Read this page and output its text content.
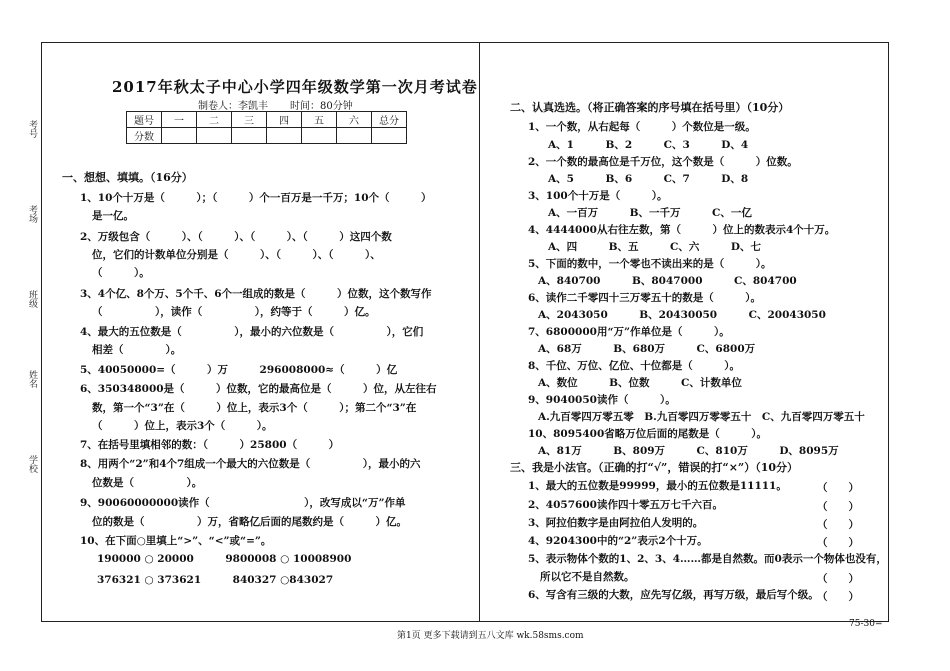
考号
考场
班级
姓名
学校
2017年秋太子中心小学四年级数学第一次月考试卷
制卷人：李凯丰 时间：80分钟
题号	一	二	三	四	五	六	总分
分数							
一、想想、填填。（16分）
1、10个十万是（　　　）；（　　　）个一百万是一千万；10个（　　　）
是一亿。
2、万级包含（　　　）、（　　　）、（　　　）、（　　　）这四个数
位，它们的计数单位分别是（　　　）、（　　　）、（　　　）、
（　　　）。
3、4个亿、8个万、5个千、6个一组成的数是（　　　）位数，这个数写作
（　　　　　），读作（　　　　　），约等于（　　　）亿。
4、最大的五位数是（　　　　　），最小的六位数是（　　　　　），它们
相差（　　　　）。
5、40050000=（　　　）万　　　296008000≈（　　　）亿
6、350348000是（　　　）位数，它的最高位是（　　　）位，从左往右
数，第一个“3”在（　　　）位上，表示3个（　　　）；第二个“3”在
（　　　）位上，表示3个（　　　）。
7、在括号里填相邻的数：（　　　）25800（　　　）
8、用两个“2”和4个7组成一个最大的六位数是（　　　　　），最小的六
位数是（　　　　　）。
9、90060000000读作（　　　　　　　　　），改写成以“万”作单
位的数是（　　　　　）万，省略亿后面的尾数约是（　　　）亿。
10、在下面○里填上“>”、“<”或“=”。
190000 ○ 20000　　　9800008 ○ 10008900
376321 ○ 373621　　　840327 ○843027
二、认真选选。（将正确答案的序号填在括号里）（10分）
1、一个数，从右起每（　　　）个数位是一级。
A、1　　　B、2　　　C、3　　　D、4
2、一个数的最高位是千万位，这个数是（　　　）位数。
A、5　　　B、6　　　C、7　　　D、8
3、100个十万是（　　　）。
A、一百万　　　B、一千万　　　C、一亿
4、4444000从右往左数，第（　　　）位上的数表示4个十万。
A、四　　　B、五　　　C、六　　　D、七
5、下面的数中，一个零也不读出来的是（　　　）。
A、840700　　　B、8047000　　　C、804700
6、读作二千零四十三万零五十的数是（　　　）。
A、2043050　　　B、20430050　　　C、20043050
7、6800000用“万”作单位是（　　　）。
A、68万　　　B、680万　　　C、6800万
8、千位、万位、亿位、十位都是（　　　）。
A、数位　　　B、位数　　　C、计数单位
9、9040050读作（　　　）。
A.九百零四万零五零　B.九百零四万零零五十　C、九百零四万零五十
10、8095400省略万位后面的尾数是（　　　）。
A、81万　　　B、809万　　　C、810万　　　D、8095万
三、我是小法官。（正确的打“√”，错误的打“×”）（10分）
1、最大的五位数是99999，最小的五位数是11111。
2、4057600读作四十零五万七千六百。
3、阿拉伯数字是由阿拉伯人发明的。
4、9204300中的“2”表示2个十万。
5、表示物体个数的1、2、3、4……都是自然数。而0表示一个物体也没有，
所以它不是自然数。
6、写含有三级的大数，应先写亿级，再写万级，最后写个级。
（　　）
（　　）
（　　）
（　　）
（　　）
（　　）
75-30=
第1页 更多下载请到五八文库 wk.58sms.com
